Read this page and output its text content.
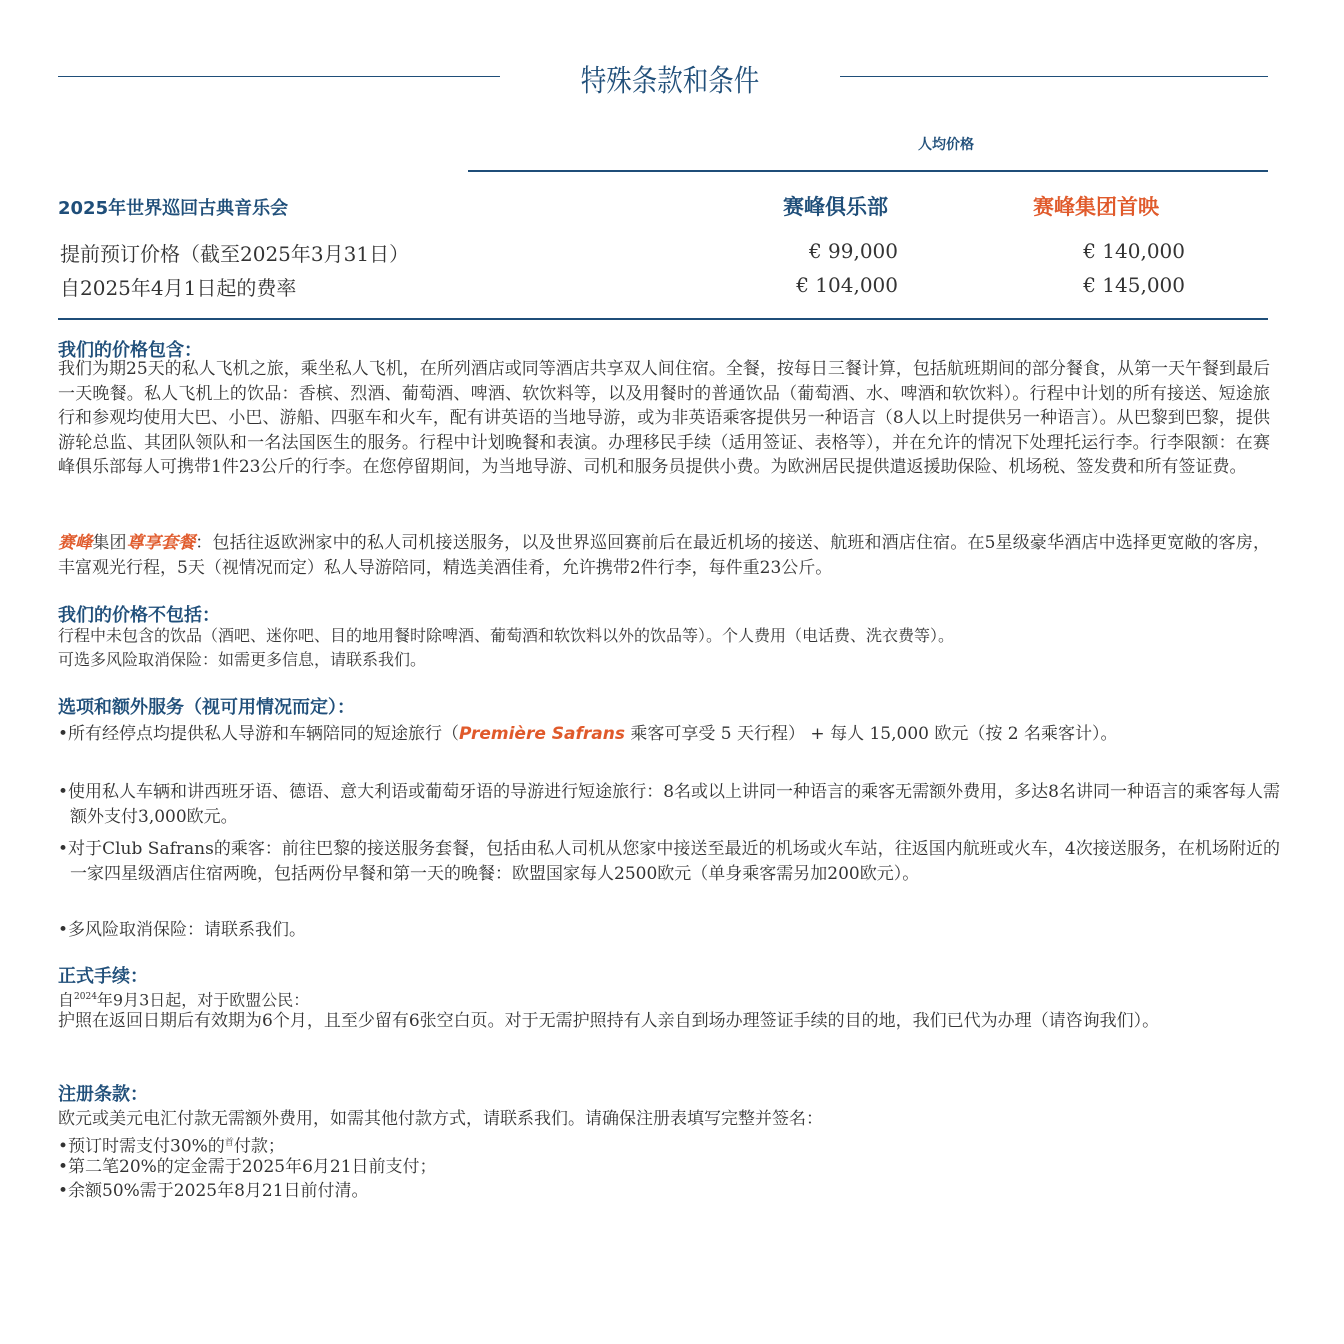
特殊条款和条件
人均价格
2025年世界巡回古典音乐会	赛峰俱乐部	赛峰集团首映
提前预订价格（截至2025年3月31日）	€ 99,000	€ 140,000
自2025年4月1日起的费率	€ 104,000	€ 145,000
我们的价格包含：
我们为期25天的私人飞机之旅，乘坐私人飞机，在所列酒店或同等酒店共享双人间住宿。全餐，按每日三餐计算，包括航班期间的部分餐食，从第一天午餐到最后一天晚餐。私人飞机上的饮品：香槟、烈酒、葡萄酒、啤酒、软饮料等，以及用餐时的普通饮品（葡萄酒、水、啤酒和软饮料）。行程中计划的所有接送、短途旅行和参观均使用大巴、小巴、游船、四驱车和火车，配有讲英语的当地导游，或为非英语乘客提供另一种语言（8人以上时提供另一种语言）。从巴黎到巴黎，提供游轮总监、其团队领队和一名法国医生的服务。行程中计划晚餐和表演。办理移民手续（适用签证、表格等），并在允许的情况下处理托运行李。行李限额：在赛峰俱乐部每人可携带1件23公斤的行李。在您停留期间，为当地导游、司机和服务员提供小费。为欧洲居民提供遣返援助保险、机场税、签发费和所有签证费。
赛峰集团尊享套餐：包括往返欧洲家中的私人司机接送服务，以及世界巡回赛前后在最近机场的接送、航班和酒店住宿。在5星级豪华酒店中选择更宽敞的客房，丰富观光行程，5天（视情况而定）私人导游陪同，精选美酒佳肴，允许携带2件行李，每件重23公斤。
我们的价格不包括：
行程中未包含的饮品（酒吧、迷你吧、目的地用餐时除啤酒、葡萄酒和软饮料以外的饮品等）。个人费用（电话费、洗衣费等）。
可选多风险取消保险：如需更多信息，请联系我们。
选项和额外服务（视可用情况而定）：
•所有经停点均提供私人导游和车辆陪同的短途旅行（Première Safrans 乘客可享受 5 天行程） + 每人 15,000 欧元（按 2 名乘客计）。
•使用私人车辆和讲西班牙语、德语、意大利语或葡萄牙语的导游进行短途旅行：8名或以上讲同一种语言的乘客无需额外费用，多达8名讲同一种语言的乘客每人需额外支付3,000欧元。
•对于Club Safrans的乘客：前往巴黎的接送服务套餐，包括由私人司机从您家中接送至最近的机场或火车站，往返国内航班或火车，4次接送服务，在机场附近的一家四星级酒店住宿两晚，包括两份早餐和第一天的晚餐：欧盟国家每人2500欧元（单身乘客需另加200欧元）。
•多风险取消保险：请联系我们。
正式手续：
自$^{2024}$年9月3日起，对于欧盟公民：
护照在返回日期后有效期为6个月，且至少留有6张空白页。对于无需护照持有人亲自到场办理签证手续的目的地，我们已代为办理（请咨询我们）。
注册条款：
欧元或美元电汇付款无需额外费用，如需其他付款方式，请联系我们。请确保注册表填写完整并签名：
•预订时需支付30%的$^首$付款；
•第二笔20%的定金需于2025年6月21日前支付；
•余额50%需于2025年8月21日前付清。
